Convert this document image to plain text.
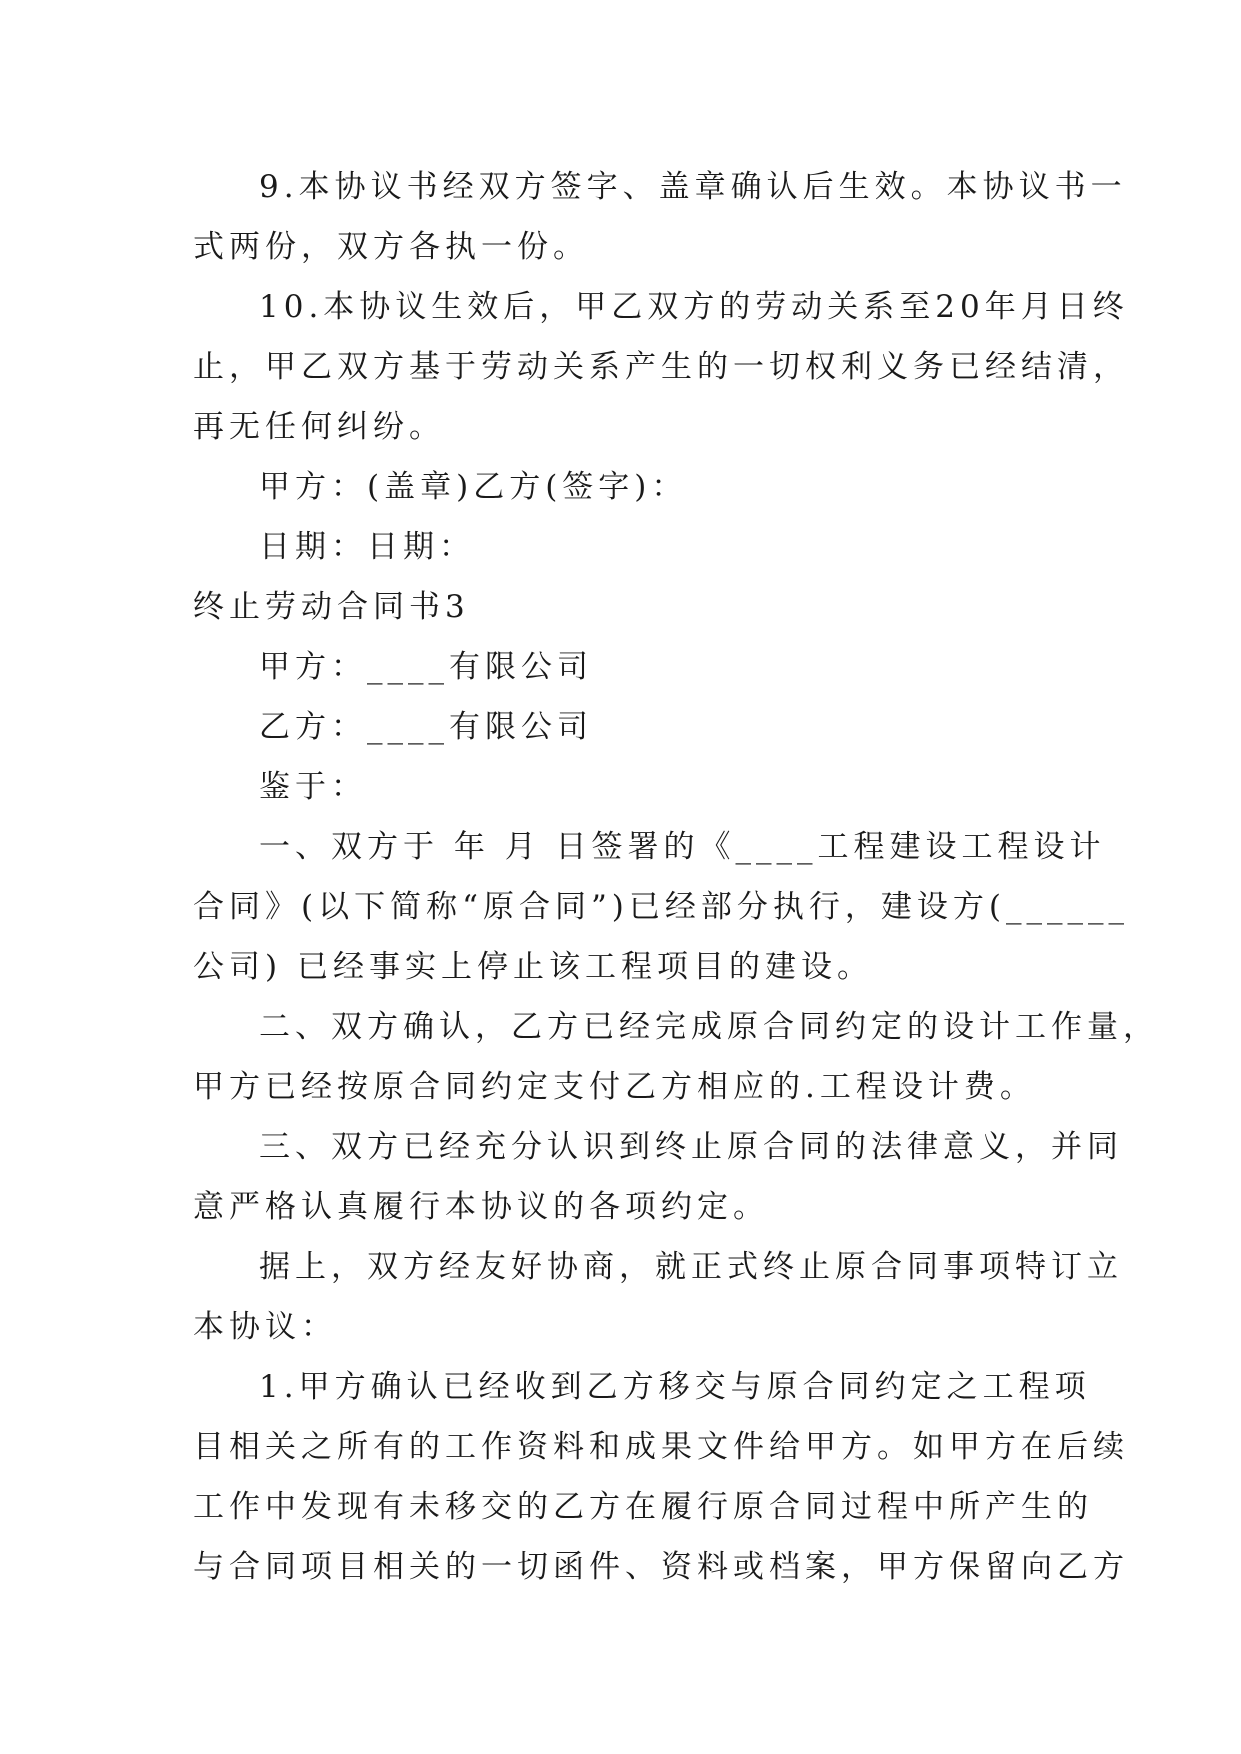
9.本协议书经双方签字、盖章确认后生效。本协议书一
式两份，双方各执一份。
10.本协议生效后，甲乙双方的劳动关系至20年月日终
止，甲乙双方基于劳动关系产生的一切权利义务已经结清，
再无任何纠纷。
甲方：(盖章)乙方(签字)：
日期：日期：
终止劳动合同书3
甲方：____有限公司
乙方：____有限公司
鉴于：
一、双方于 年 月 日签署的《____工程建设工程设计
合同》(以下简称“原合同”)已经部分执行，建设方(______
公司) 已经事实上停止该工程项目的建设。
二、双方确认，乙方已经完成原合同约定的设计工作量，
甲方已经按原合同约定支付乙方相应的.工程设计费。
三、双方已经充分认识到终止原合同的法律意义，并同
意严格认真履行本协议的各项约定。
据上，双方经友好协商，就正式终止原合同事项特订立
本协议：
1.甲方确认已经收到乙方移交与原合同约定之工程项
目相关之所有的工作资料和成果文件给甲方。如甲方在后续
工作中发现有未移交的乙方在履行原合同过程中所产生的
与合同项目相关的一切函件、资料或档案，甲方保留向乙方
